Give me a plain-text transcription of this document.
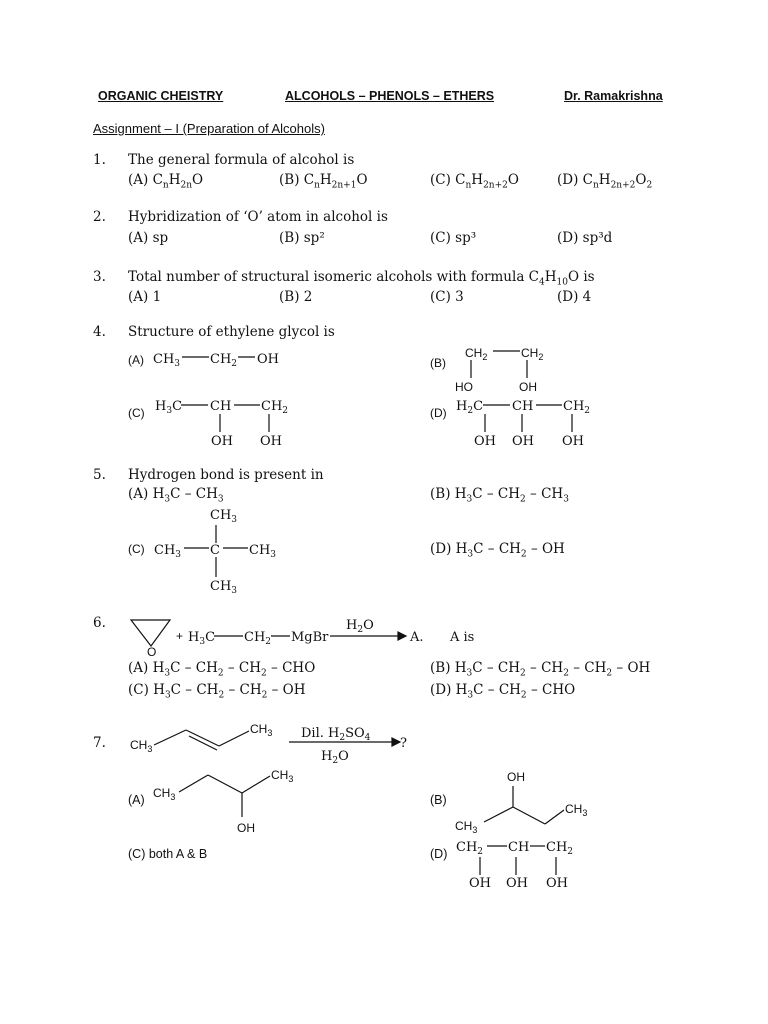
ORGANIC CHEISTRY	ALCOHOLS – PHENOLS – ETHERS	Dr. Ramakrishna
Assignment – I (Preparation of Alcohols)
1. The general formula of alcohol is
(A) $C_nH_{2n}O$	(B) $C_nH_{2n+1}O$	(C) $C_nH_{2n+2}O$	(D) $C_nH_{2n+2}O_2$
2. Hybridization of ‘O’ atom in alcohol is
(A) sp	(B) sp²	(C) sp³	(D) sp³d
3. Total number of structural isomeric alcohols with formula $C_4H_{10}O$ is
(A) 1	(B) 2	(C) 3	(D) 4
4. Structure of ethylene glycol is
(A) $CH_3$ $CH_2$ OH	(B)
$CH_2$	$CH_2$
HO	OH
(C) $H_3C$ CH $CH_2$
OH OH
(D) $H_2C$ CH $CH_2$
OH OH OH
(C)
$CH_3$
$CH_3$ C $CH_3$
$CH_3$
O
+ $H_3C$ $CH_2$ MgBr
$H_2O$
A. A is
$CH_3$
$CH_3$ Dil. $H_2SO_4$
$H_2O$
?
$CH_3$
$CH_3$
OH
OH
$CH_3$
$CH_3$
$CH_2$ CH $CH_2$
OH OH OH
5. Hydrogen bond is present in
(A) $H_3C - CH_3$	(B) $H_3C - CH_2 - CH_3$
(D) $H_3C - CH_2$ – OH
6.
(A) $H_3C - CH_2 - CH_2$ – CHO	(B) $H_3C - CH_2 - CH_2 - CH_2$ – OH
(C) $H_3C - CH_2 - CH_2$ – OH	(D) $H_3C - CH_2$ – CHO
7.
(A)	(B)
(C) both A & B	(D)
